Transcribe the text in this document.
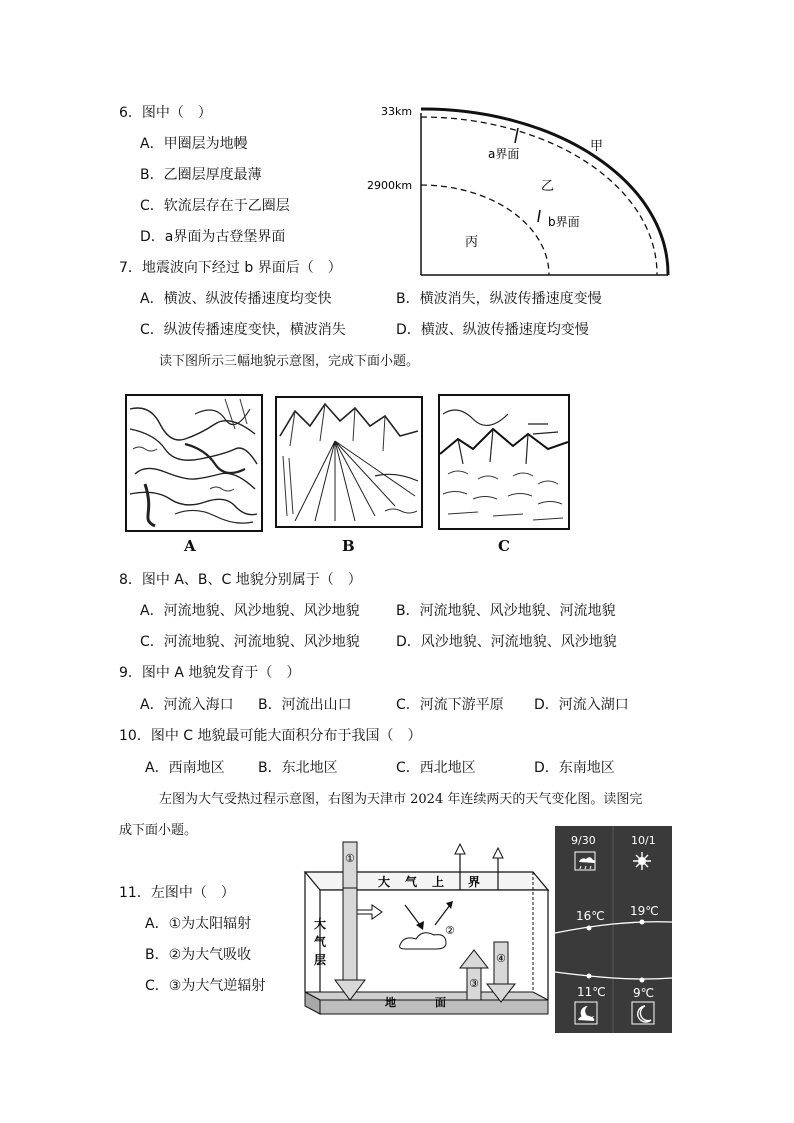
6．图中（　）
A．甲圈层为地幔
B．乙圈层厚度最薄
C．软流层存在于乙圈层
D．a界面为古登堡界面
33km
2900km
a界面
b界面
甲
乙
丙
7．地震波向下经过 b 界面后（　）
A．横波、纵波传播速度均变快	B．横波消失，纵波传播速度变慢
C．纵波传播速度变快，横波消失	D．横波、纵波传播速度均变慢
读下图所示三幅地貌示意图，完成下面小题。
A	B	C
8．图中 A、B、C 地貌分别属于（　）
A．河流地貌、风沙地貌、风沙地貌	B．河流地貌、风沙地貌、河流地貌
C．河流地貌、河流地貌、风沙地貌	D．风沙地貌、河流地貌、风沙地貌
9．图中 A 地貌发育于（　）
A．河流入海口 B．河流出山口	C．河流下游平原 D．河流入湖口
10．图中 C 地貌最可能大面积分布于我国（　）
A．西南地区 B．东北地区	C．西北地区	D．东南地区
左图为大气受热过程示意图，右图为天津市 2024 年连续两天的天气变化图。读图完
成下面小题。
11．左图中（　）
A．①为太阳辐射
B．②为大气吸收
C．③为大气逆辐射
①
②
③
④
大 气 上 界
大
气
层
地	面
9/30	10/1
16℃ 19℃
11℃ 9℃
